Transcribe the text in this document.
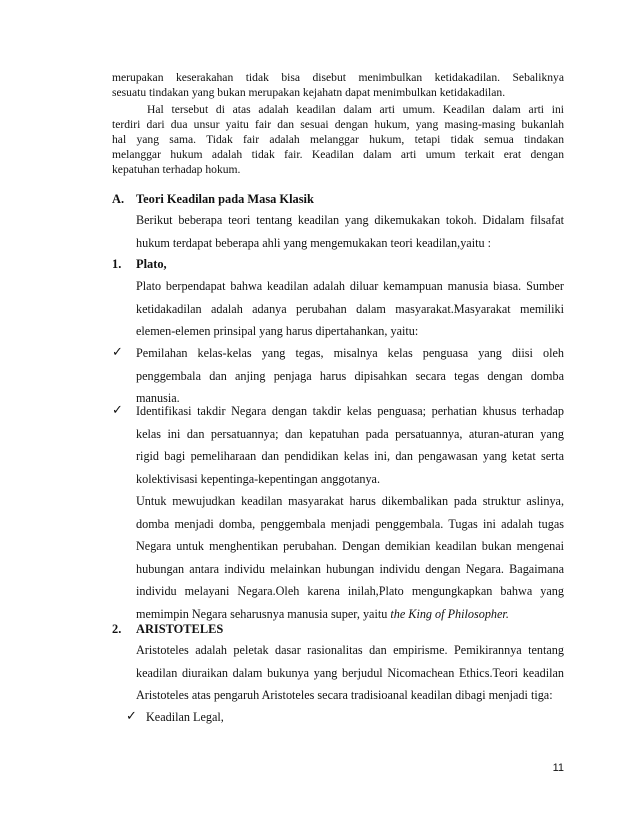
merupakan keserakahan tidak bisa disebut menimbulkan ketidakadilan. Sebaliknya
sesuatu tindakan yang bukan merupakan kejahatn dapat menimbulkan ketidakadilan.
Hal tersebut di atas adalah keadilan dalam arti umum. Keadilan dalam arti ini
terdiri dari dua unsur yaitu fair dan sesuai dengan hukum, yang masing-masing bukanlah
hal yang sama. Tidak fair adalah melanggar hukum, tetapi tidak semua tindakan
melanggar hukum adalah tidak fair. Keadilan dalam arti umum terkait erat dengan
kepatuhan terhadap hokum.
A. Teori Keadilan pada Masa Klasik
Berikut beberapa teori tentang keadilan yang dikemukakan tokoh. Didalam filsafat
hukum terdapat beberapa ahli yang mengemukakan teori keadilan,yaitu :
1. Plato,
Plato berpendapat bahwa keadilan adalah diluar kemampuan manusia biasa. Sumber
ketidakadilan adalah adanya perubahan dalam masyarakat.Masyarakat memiliki
elemen-elemen prinsipal yang harus dipertahankan, yaitu:
✓ Pemilahan kelas-kelas yang tegas, misalnya kelas penguasa yang diisi oleh
penggembala dan anjing penjaga harus dipisahkan secara tegas dengan domba
manusia.
✓ Identifikasi takdir Negara dengan takdir kelas penguasa; perhatian khusus terhadap
kelas ini dan persatuannya; dan kepatuhan pada persatuannya, aturan-aturan yang
rigid bagi pemeliharaan dan pendidikan kelas ini, dan pengawasan yang ketat serta
kolektivisasi kepentinga-kepentingan anggotanya.
Untuk mewujudkan keadilan masyarakat harus dikembalikan pada struktur aslinya,
domba menjadi domba, penggembala menjadi penggembala. Tugas ini adalah tugas
Negara untuk menghentikan perubahan. Dengan demikian keadilan bukan mengenai
hubungan antara individu melainkan hubungan individu dengan Negara. Bagaimana
individu melayani Negara.Oleh karena inilah,Plato mengungkapkan bahwa yang
memimpin Negara seharusnya manusia super, yaitu the King of Philosopher.
2. ARISTOTELES
Aristoteles adalah peletak dasar rasionalitas dan empirisme. Pemikirannya tentang
keadilan diuraikan dalam bukunya yang berjudul Nicomachean Ethics.Teori keadilan
Aristoteles atas pengaruh Aristoteles secara tradisioanal keadilan dibagi menjadi tiga:
✓ Keadilan Legal,
11
